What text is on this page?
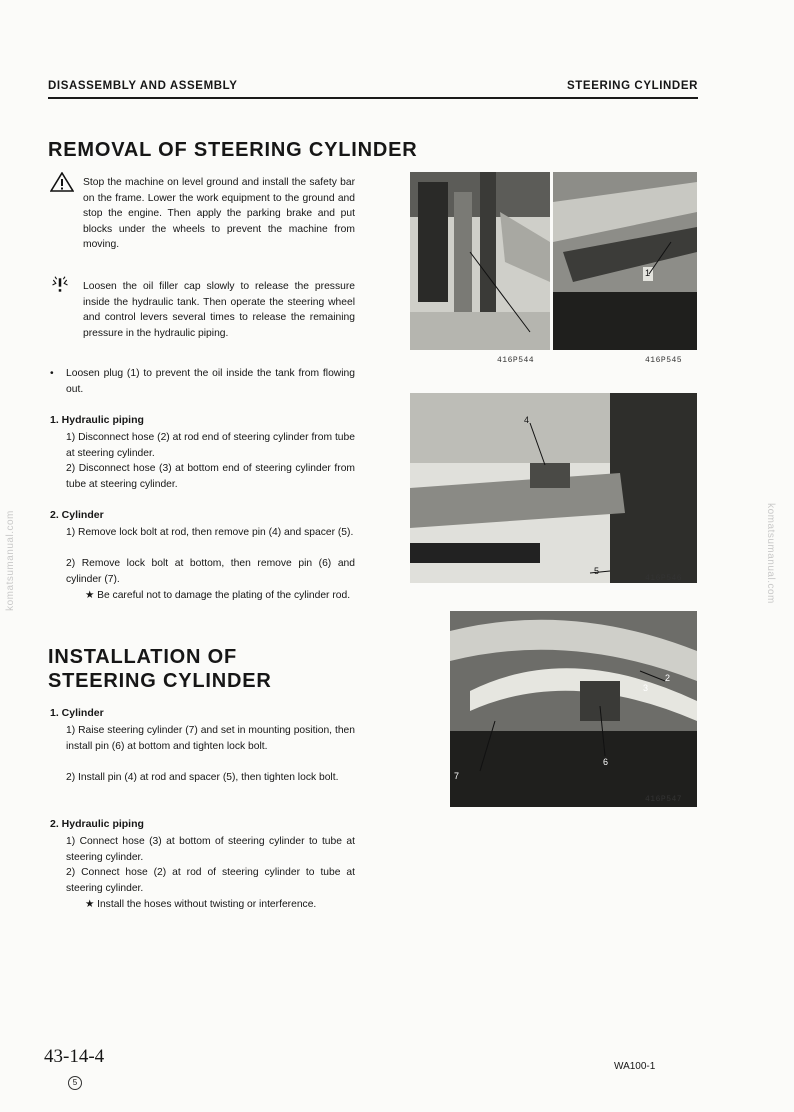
DISASSEMBLY AND ASSEMBLY	STEERING CYLINDER
REMOVAL OF STEERING CYLINDER
Stop the machine on level ground and install the safety bar on the frame. Lower the work equipment to the ground and stop the engine. Then apply the parking brake and put blocks under the wheels to prevent the machine from moving.
Loosen the oil filler cap slowly to release the pressure inside the hydraulic tank. Then operate the steering wheel and control levers several times to release the remaining pressure in the hydraulic piping.
• Loosen plug (1) to prevent the oil inside the tank from flowing out.
1. Hydraulic piping
1) Disconnect hose (2) at rod end of steering cylinder from tube at steering cylinder.
2) Disconnect hose (3) at bottom end of steering cylinder from tube at steering cylinder.
2. Cylinder
1) Remove lock bolt at rod, then remove pin (4) and spacer (5).
2) Remove lock bolt at bottom, then remove pin (6) and cylinder (7).
★ Be careful not to damage the plating of the cylinder rod.
INSTALLATION OF
STEERING CYLINDER
1. Cylinder
1) Raise steering cylinder (7) and set in mounting position, then install pin (6) at bottom and tighten lock bolt.
2) Install pin (4) at rod and spacer (5), then tighten lock bolt.
2. Hydraulic piping
1) Connect hose (3) at bottom of steering cylinder to tube at steering cylinder.
2) Connect hose (2) at rod of steering cylinder to tube at steering cylinder.
★ Install the hoses without twisting or interference.
416P544
1
416P545
4
5
416P546
3
2
6
7
416P547
komatsumanual.com	komatsumanual.com
43-14-4
5
WA100-1
